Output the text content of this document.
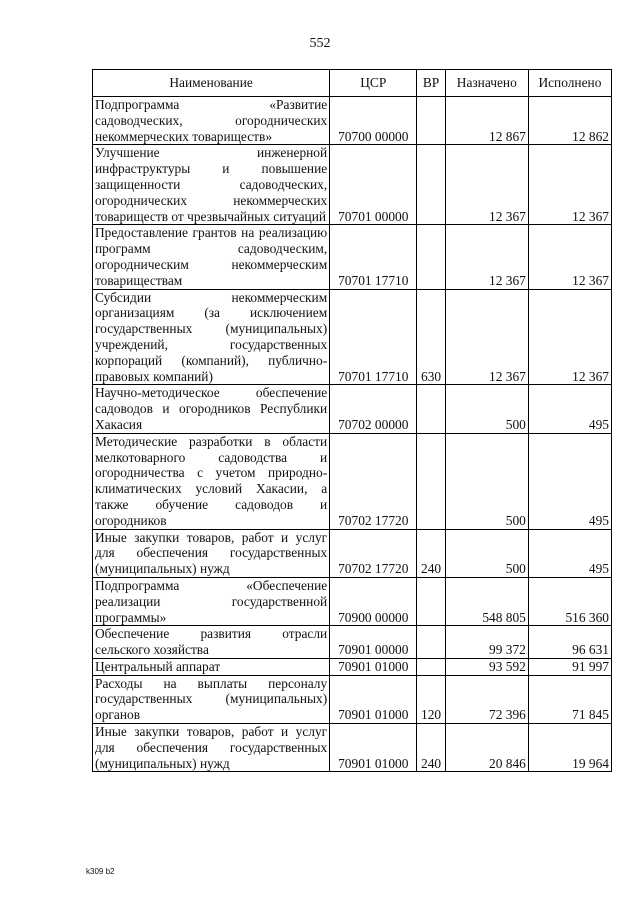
552
Наименование	ЦСР	ВР	Назначено	Исполнено
Подпрограмма «Развитие садоводческих, огороднических некоммерческих товариществ»	70700 00000		12 867	12 862
Улучшение инженерной инфраструктуры и повышение защищенности садоводческих, огороднических некоммерческих товариществ от чрезвычайных ситуаций	70701 00000		12 367	12 367
Предоставление грантов на реализацию программ садоводческим, огородническим некоммерческим товариществам	70701 17710		12 367	12 367
Субсидии некоммерческим организациям (за исключением государственных (муниципальных) учреждений, государственных корпораций (компаний), публично-правовых компаний)	70701 17710	630	12 367	12 367
Научно-методическое обеспечение садоводов и огородников Республики Хакасия	70702 00000		500	495
Методические разработки в области мелкотоварного садоводства и огородничества с учетом природно-климатических условий Хакасии, а также обучение садоводов и огородников	70702 17720		500	495
Иные закупки товаров, работ и услуг для обеспечения государственных (муниципальных) нужд	70702 17720	240	500	495
Подпрограмма «Обеспечение реализации государственной программы»	70900 00000		548 805	516 360
Обеспечение развития отрасли сельского хозяйства	70901 00000		99 372	96 631
Центральный аппарат	70901 01000		93 592	91 997
Расходы на выплаты персоналу государственных (муниципальных) органов	70901 01000	120	72 396	71 845
Иные закупки товаров, работ и услуг для обеспечения государственных (муниципальных) нужд	70901 01000	240	20 846	19 964
k309 b2
